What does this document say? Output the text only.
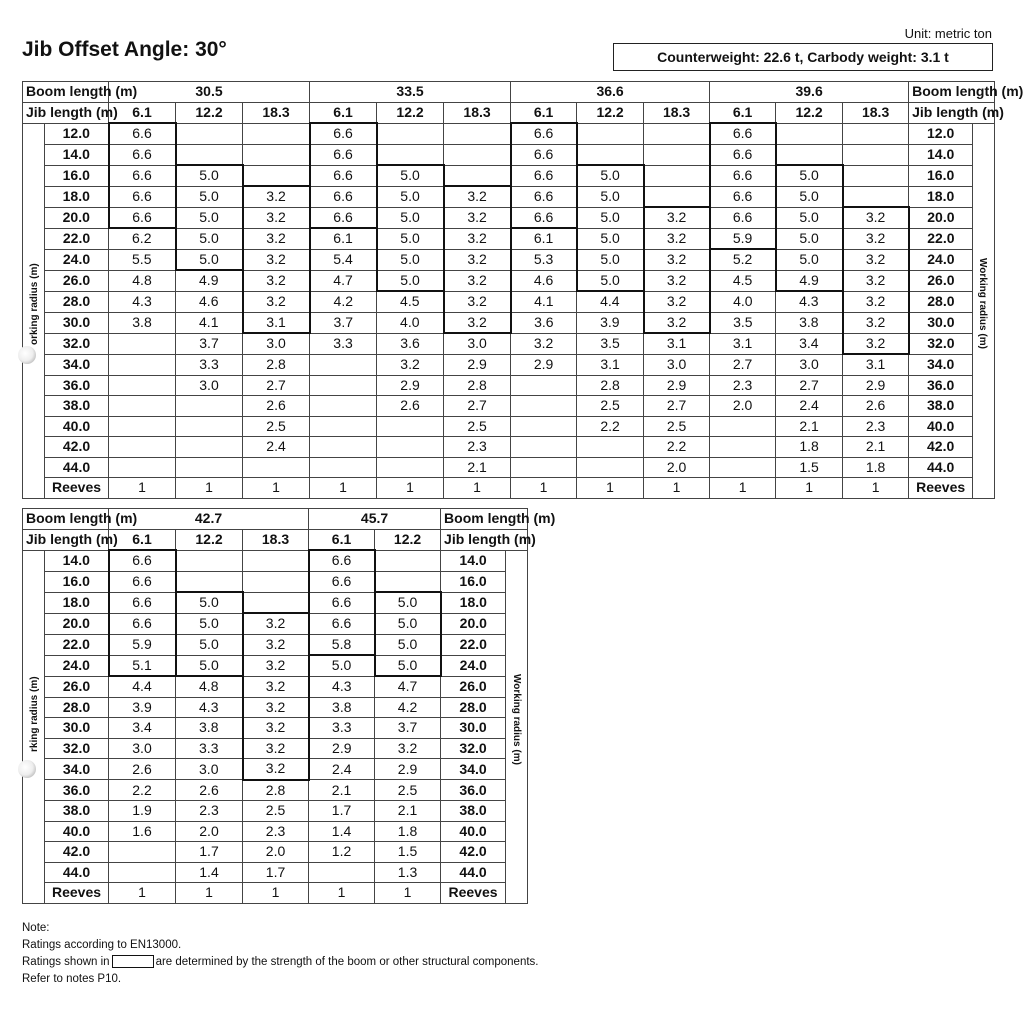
Unit: metric ton
Jib Offset Angle: 30°	Counterweight: 22.6 t, Carbody weight: 3.1 t
Boom length (m)		30.5			33.5			36.6			39.6			Boom length (m)	
Jib length (m)		6.1	12.2	18.3	6.1	12.2	18.3	6.1	12.2	18.3	6.1	12.2	18.3	Jib length (m)	
	12.0	6.6			6.6			6.6			6.6			12.0	
	14.0	6.6			6.6			6.6			6.6			14.0	
	16.0	6.6	5.0		6.6	5.0		6.6	5.0		6.6	5.0		16.0	
	18.0	6.6	5.0	3.2	6.6	5.0	3.2	6.6	5.0		6.6	5.0		18.0	
	20.0	6.6	5.0	3.2	6.6	5.0	3.2	6.6	5.0	3.2	6.6	5.0	3.2	20.0	
	22.0	6.2	5.0	3.2	6.1	5.0	3.2	6.1	5.0	3.2	5.9	5.0	3.2	22.0	
	24.0	5.5	5.0	3.2	5.4	5.0	3.2	5.3	5.0	3.2	5.2	5.0	3.2	24.0	
	26.0	4.8	4.9	3.2	4.7	5.0	3.2	4.6	5.0	3.2	4.5	4.9	3.2	26.0	
	28.0	4.3	4.6	3.2	4.2	4.5	3.2	4.1	4.4	3.2	4.0	4.3	3.2	28.0	
	30.0	3.8	4.1	3.1	3.7	4.0	3.2	3.6	3.9	3.2	3.5	3.8	3.2	30.0	
	32.0		3.7	3.0	3.3	3.6	3.0	3.2	3.5	3.1	3.1	3.4	3.2	32.0	
	34.0		3.3	2.8		3.2	2.9	2.9	3.1	3.0	2.7	3.0	3.1	34.0	
	36.0		3.0	2.7		2.9	2.8		2.8	2.9	2.3	2.7	2.9	36.0	
	38.0			2.6		2.6	2.7		2.5	2.7	2.0	2.4	2.6	38.0	
	40.0			2.5			2.5		2.2	2.5		2.1	2.3	40.0	
	42.0			2.4			2.3			2.2		1.8	2.1	42.0	
	44.0						2.1			2.0		1.5	1.8	44.0	
	Reeves	1	1	1	1	1	1	1	1	1	1	1	1	Reeves	
Boom length (m)		42.7			45.7		Boom length (m)	
Jib length (m)		6.1	12.2	18.3	6.1	12.2	Jib length (m)	
	14.0	6.6			6.6		14.0	
	16.0	6.6			6.6		16.0	
	18.0	6.6	5.0		6.6	5.0	18.0	
	20.0	6.6	5.0	3.2	6.6	5.0	20.0	
	22.0	5.9	5.0	3.2	5.8	5.0	22.0	
	24.0	5.1	5.0	3.2	5.0	5.0	24.0	
	26.0	4.4	4.8	3.2	4.3	4.7	26.0	
	28.0	3.9	4.3	3.2	3.8	4.2	28.0	
	30.0	3.4	3.8	3.2	3.3	3.7	30.0	
	32.0	3.0	3.3	3.2	2.9	3.2	32.0	
	34.0	2.6	3.0	3.2	2.4	2.9	34.0	
	36.0	2.2	2.6	2.8	2.1	2.5	36.0	
	38.0	1.9	2.3	2.5	1.7	2.1	38.0	
	40.0	1.6	2.0	2.3	1.4	1.8	40.0	
	42.0		1.7	2.0	1.2	1.5	42.0	
	44.0		1.4	1.7		1.3	44.0	
	Reeves	1	1	1	1	1	Reeves	
orking radius (m)	Working radius (m)
rking radius (m)	Working radius (m)
Note:
Ratings according to EN13000.
Ratings shown in	are determined by the strength of the boom or other structural components.
Refer to notes P10.
